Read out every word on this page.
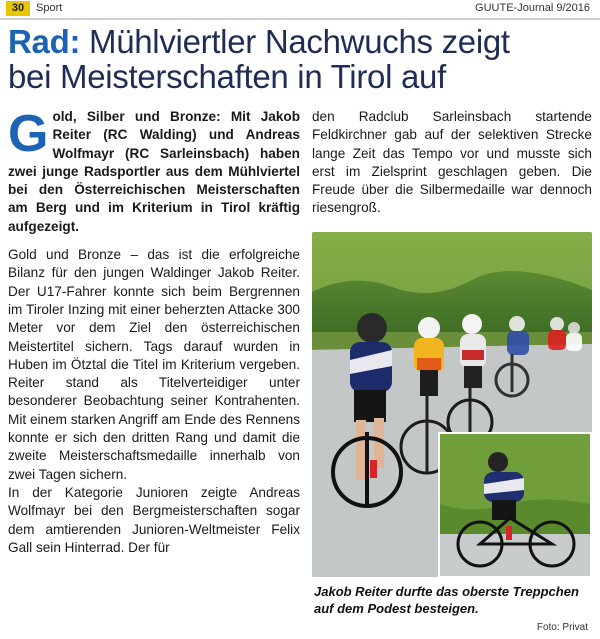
30	Sport	GUUTE-Journal 9/2016
Rad: Mühlviertler Nachwuchs zeigt
bei Meisterschaften in Tirol auf

Gold, Silber und Bronze: Mit Jakob Reiter (RC Walding) und Andreas Wolfmayr (RC Sarleinsbach) haben zwei junge Radsportler aus dem Mühlviertel bei den Österreichischen Meisterschaften am Berg und im Kriterium in Tirol kräftig aufgezeigt.

Gold und Bronze – das ist die erfolgreiche Bilanz für den jungen Waldinger Jakob Reiter. Der U17-Fahrer konnte sich beim Bergrennen im Tiroler Inzing mit einer beherzten Attacke 300 Meter vor dem Ziel den österreichischen Meistertitel sichern. Tags darauf wurden in Huben im Ötztal die Titel im Kriterium vergeben. Reiter stand als Titelverteidiger unter besonderer Beobachtung seiner Kontrahenten. Mit einem starken Angriff am Ende des Rennens konnte er sich den dritten Rang und damit die zweite Meisterschaftsmedaille innerhalb von zwei Tagen sichern.

In der Kategorie Junioren zeigte Andreas Wolfmayr bei den Bergmeisterschaften sogar dem amtierenden Junioren-Weltmeister Felix Gall sein Hinterrad. Der für

den Radclub Sarleinsbach startende Feldkirchner gab auf der selektiven Strecke lange Zeit das Tempo vor und musste sich erst im Zielsprint geschlagen geben. Die Freude über die Silbermedaille war dennoch riesengroß.
Jakob Reiter durfte das oberste Treppchen auf dem Podest besteigen.
Foto: Privat
